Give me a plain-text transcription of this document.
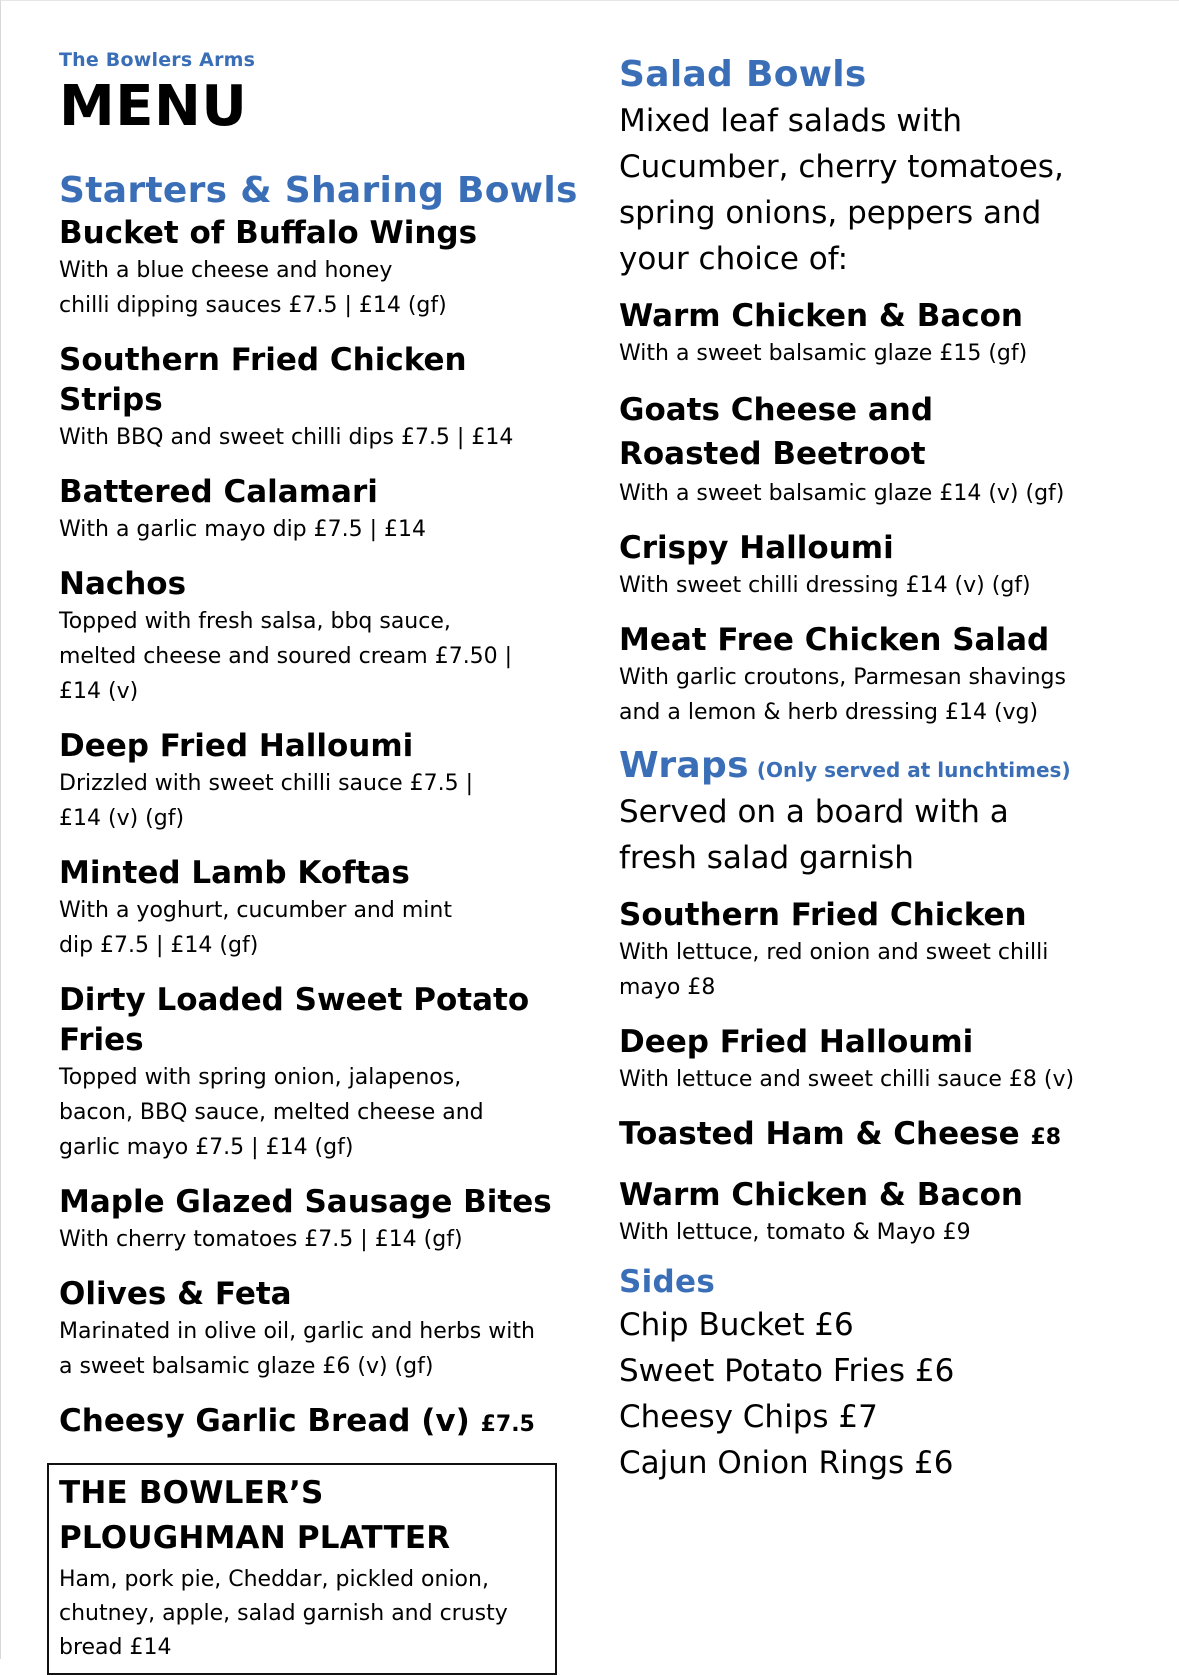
The Bowlers Arms
MENU
Starters & Sharing Bowls
Bucket of Buffalo Wings
With a blue cheese and honey chilli dipping sauces £7.5 | £14 (gf)
Southern Fried Chicken Strips
With BBQ and sweet chilli dips £7.5 | £14
Battered Calamari
With a garlic mayo dip £7.5 | £14
Nachos
Topped with fresh salsa, bbq sauce, melted cheese and soured cream £7.50 | £14 (v)
Deep Fried Halloumi
Drizzled with sweet chilli sauce £7.5 | £14 (v) (gf)
Minted Lamb Koftas
With a yoghurt, cucumber and mint dip £7.5 | £14 (gf)
Dirty Loaded Sweet Potato Fries
Topped with spring onion, jalapenos, bacon, BBQ sauce, melted cheese and garlic mayo £7.5 | £14 (gf)
Maple Glazed Sausage Bites
With cherry tomatoes £7.5 | £14 (gf)
Olives & Feta
Marinated in olive oil, garlic and herbs with a sweet balsamic glaze £6 (v) (gf)
Cheesy Garlic Bread (v) £7.5
THE BOWLER’S PLOUGHMAN PLATTER
Ham, pork pie, Cheddar, pickled onion, chutney, apple, salad garnish and crusty bread £14
Salad Bowls
Mixed leaf salads with Cucumber, cherry tomatoes, spring onions, peppers and your choice of:
Warm Chicken & Bacon
With a sweet balsamic glaze £15 (gf)
Goats Cheese and Roasted Beetroot
With a sweet balsamic glaze £14 (v) (gf)
Crispy Halloumi
With sweet chilli dressing £14 (v) (gf)
Meat Free Chicken Salad
With garlic croutons, Parmesan shavings and a lemon & herb dressing £14 (vg)
Wraps (Only served at lunchtimes)
Served on a board with a fresh salad garnish
Southern Fried Chicken
With lettuce, red onion and sweet chilli mayo £8
Deep Fried Halloumi
With lettuce and sweet chilli sauce £8 (v)
Toasted Ham & Cheese £8
Warm Chicken & Bacon
With lettuce, tomato & Mayo £9
Sides
Chip Bucket £6
Sweet Potato Fries £6
Cheesy Chips £7
Cajun Onion Rings £6
